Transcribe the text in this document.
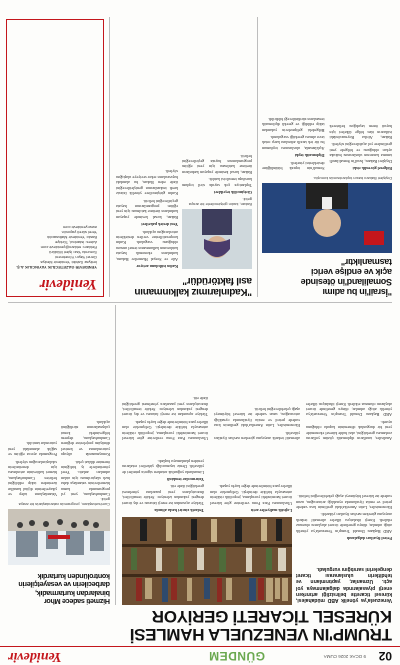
02
9 OCAK 2026 CUMA
GÜNDEM
Yenidevir
TRUMP'IN VENEZUELA HAMLESİ
KÜRESEL TİCARETİ GERİYOR

Venezuela'ya yönelik ABD müdahalesi, küresel ticarette belirsizliği artırırken enerji piyasalarında dalgalanmaya yol açtı. Uzmanlar, yaptırımların ve tehditlerin uluslararası ticaret dengelerini sarstığını vurguladı.

Petrol fiyatları dalgalandı

ABD Başkanı Donald Trump'ın Venezuela'ya yönelik attığı adımlar, dünya genelinde ticaret akışlarını olumsuz etkiledi. Enerji ithalatçısı ülkeler alternatif tedarik arayışına girerken navlun fiyatları yükseldi.

Ekonomistler, Latin Amerika'daki gerilimin kısa vadede petrol ve emtia fiyatlarında oynaklığı artıracağını, uzun vadede ise küresel büyümeyi aşağı çekebileceğini belirtti.

Lojistik maliyetler arttı

Uluslararası Para Fonu verilerine göre küresel ticaret hacmindeki yavaşlama, jeopolitik risklerin artmasıyla birlikte derinleşti. Gelişmekte olan ülkeler para birimlerinde değer kaybı yaşadı.

Tedarik zinciri baskı altında

Türkiye açısından ise enerji faturası ve dış ticaret dengesi yakından izleniyor. Sektör temsilcileri, ihracatçıların yeni pazarlara yönelmesi gerektiğini ifade etti.

Yatırımcılar temkinli

Limanlarda yoğunluk artarken sigorta primleri de yükseldi. Deniz taşımacılığı şirketleri rotalarını yeniden planlamaya başladı.

Hizmeti sadece Mhor
binalardan kurtarmadık,
darbecilerin ve vesayetçilerin
kontrolünden kurtardık
Cumhurbaşkanı, programda vatandaşlarla bir araya geldi.

Cumhurbaşkanı, yeni yıl programında kamu hizmetlerinin vatandaşa daha hızlı ulaştırılması için atılan adımları anlattı. Yerel yönetimlerle iş birliğinin önemine dikkat çekti.

Konuşmasında altyapı yatırımlarına ve kentsel dönüşüm projelerine değinen Cumhurbaşkanı, deprem bölgesindeki konut çalışmalarının sürdüğünü açıkladı.

Vatandaşların talep ve şikayetlerinin dijital kanallar üzerinden takip edildiğini belirten Cumhurbaşkanı, hizmet kalitesinin artırılması için denetimlerin sıkılaştırılacağını söyledi.

Programda ayrıca eğitim ve sağlık alanındaki yeni yatırımlar tanıtıldı.

Analistler, tarafların diplomatik çözüm yollarını zorlaması gerektiğini, aksi halde küresel ekonomide yeni bir durgunluk döneminin kapıda olduğunu uyardı.

ABD Başkanı Donald Trump'ın Venezuela'ya yönelik attığı adımlar, dünya genelinde ticaret akışlarını olumsuz etkiledi. Enerji ithalatçısı ülkeler alternatif tedarik arayışına girerken navlun fiyatları yükseldi.

Ekonomistler, Latin Amerika'daki gerilimin kısa vadede petrol ve emtia fiyatlarında oynaklığı artıracağını, uzun vadede ise küresel büyümeyi aşağı çekebileceğini belirtti.

Uluslararası Para Fonu verilerine göre küresel ticaret hacmindeki yavaşlama, jeopolitik risklerin artmasıyla birlikte derinleşti. Gelişmekte olan ülkeler para birimlerinde değer kaybı yaşadı.

Türkiye açısından ise enerji faturası ve dış ticaret dengesi yakından izleniyor. Sektör temsilcileri, ihracatçıların yeni pazarlara yönelmesi gerektiğini ifade etti.

"İsrail'in bu adımı
Somaliland'in ötesinde
açık ve endişe verici
tasmanlıktır"
Dışişleri Bakanı basın toplantısında konuştu.

Bölgesel güvenlik riski

Dışişleri Bakanı, İsrail'in Somaliland'i tanıma kararının uluslararası hukuka aykırı olduğunu ve bölgede yeni gerilimlere yol açabileceğini söyledi.

Bakan, Afrika Boynuzu'ndaki istikrarın tüm bölge ülkeleri için hayati önem taşıdığını belirterek Somali'nin toprak bütünlüğüne desteklerini yineledi.

Diplomatik tepki

Açıklamada, uluslararası toplumun bu tür tek taraflı adımlara karşı ortak tavır alması gerektiği vurgulandı.

Bölgedeki gelişmelerin yakından takip edildiği ve gerekli diplomatik temasların sürdürüleceği bildirildi.

"Kadınlarımız kalkınmanın
asıl faktörüdür"
Bakan, kadın girişimcilerle bir araya geldi.

Kadın istihdamı artıyor

Aile ve Sosyal Hizmetler Bakanı, kadınların ekonomik hayata katılımının kalkınmanın temel unsuru olduğunu vurguladı. Kadın kooperatiflerine verilen desteklerin artırılacağını açıkladı.

Yeni destek paketleri

Bakan, kırsal kesimde yaşayan kadınların üretime katılması için yeni eğitim programlarının hayata geçirileceğini belirtti.

Kadın girişimcilere yönelik faizsiz kredi imkanlarının genişletileceğini ifade eden Bakan, bu alandaki başvuruların rekor seviyeye ulaştığını söyledi.

Girişimcilik teşvikleri

Toplantıya çok sayıda sivil toplum kuruluşu temsilcisi katıldı.

Bakan, kırsal kesimde yaşayan kadınların üretime katılması için yeni eğitim programlarının hayata geçirileceğini belirtti.

Yenidevir
YENİDEVİR GAZETECİLİK YAYINCILIK A.Ş.
İmtiyaz Sahibi: Yenidevir Medya
Genel Yayın Yönetmeni
Sorumlu Yazı İşleri Müdürü
Reklam: reklam@yenidevir.com
Adres: İstanbul, Türkiye
Baskı: Yenidevir Matbaacılık
Yerel süreli yayındır.
www.yenidevir.com
